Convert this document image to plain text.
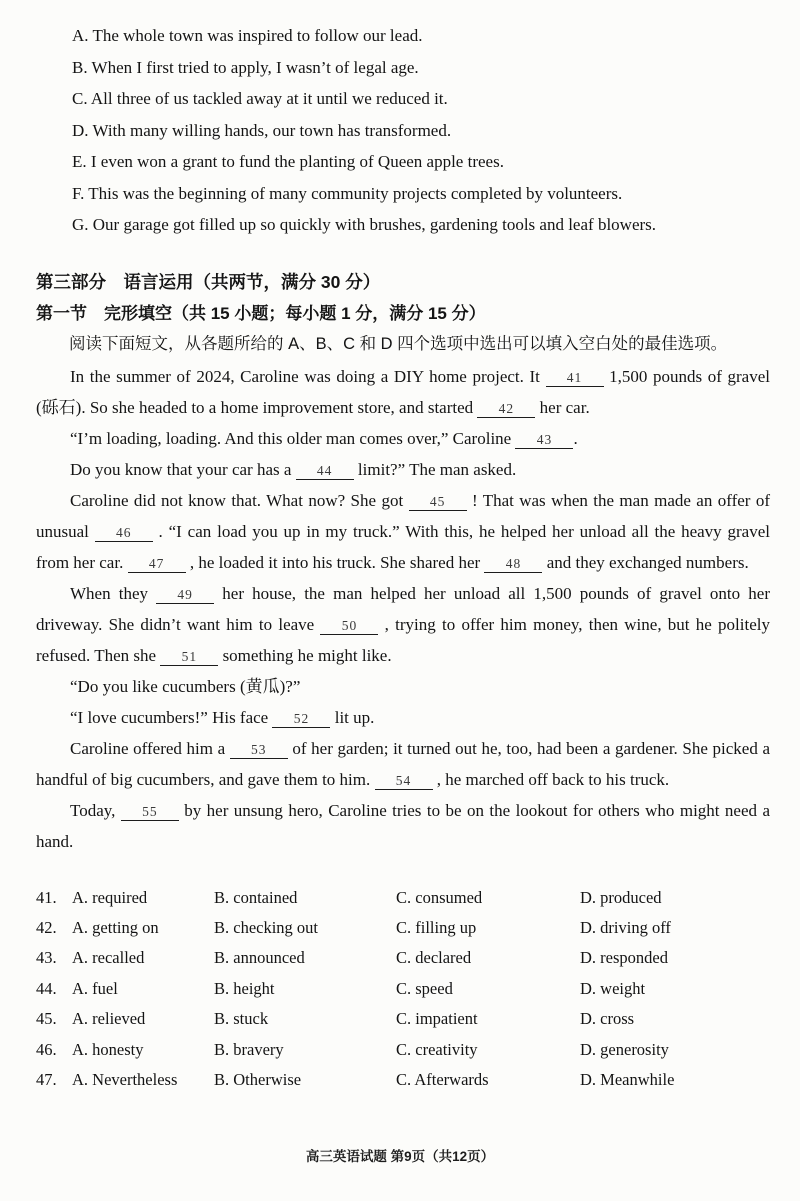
A. The whole town was inspired to follow our lead.
B. When I first tried to apply, I wasn’t of legal age.
C. All three of us tackled away at it until we reduced it.
D. With many willing hands, our town has transformed.
E. I even won a grant to fund the planting of Queen apple trees.
F. This was the beginning of many community projects completed by volunteers.
G. Our garage got filled up so quickly with brushes, gardening tools and leaf blowers.
第三部分　语言运用（共两节，满分 30 分）
第一节　完形填空（共 15 小题；每小题 1 分，满分 15 分）
阅读下面短文，从各题所给的 A、B、C 和 D 四个选项中选出可以填入空白处的最佳选项。

In the summer of 2024, Caroline was doing a DIY home project. It 41 1,500 pounds of gravel (砾石). So she headed to a home improvement store, and started 42 her car.

“I’m loading, loading. And this older man comes over,” Caroline 43 .

Do you know that your car has a 44 limit?” The man asked.

Caroline did not know that. What now? She got 45 ! That was when the man made an offer of unusual 46 . “I can load you up in my truck.” With this, he helped her unload all the heavy gravel from her car. 47 , he loaded it into his truck. She shared her 48 and they exchanged numbers.

When they 49 her house, the man helped her unload all 1,500 pounds of gravel onto her driveway. She didn’t want him to leave 50 , trying to offer him money, then wine, but he politely refused. Then she 51 something he might like.

“Do you like cucumbers (黄瓜)?”

“I love cucumbers!” His face 52 lit up.

Caroline offered him a 53 of her garden; it turned out he, too, had been a gardener. She picked a handful of big cucumbers, and gave them to him. 54 , he marched off back to his truck.

Today, 55 by her unsung hero, Caroline tries to be on the lookout for others who might need a hand.

41. A. required	B. contained	C. consumed	D. produced
42. A. getting on	B. checking out	C. filling up	D. driving off
43. A. recalled	B. announced	C. declared	D. responded
44. A. fuel	B. height	C. speed	D. weight
45. A. relieved	B. stuck	C. impatient	D. cross
46. A. honesty	B. bravery	C. creativity	D. generosity
47. A. Nevertheless	B. Otherwise	C. Afterwards	D. Meanwhile
高三英语试题 第9页（共12页）
